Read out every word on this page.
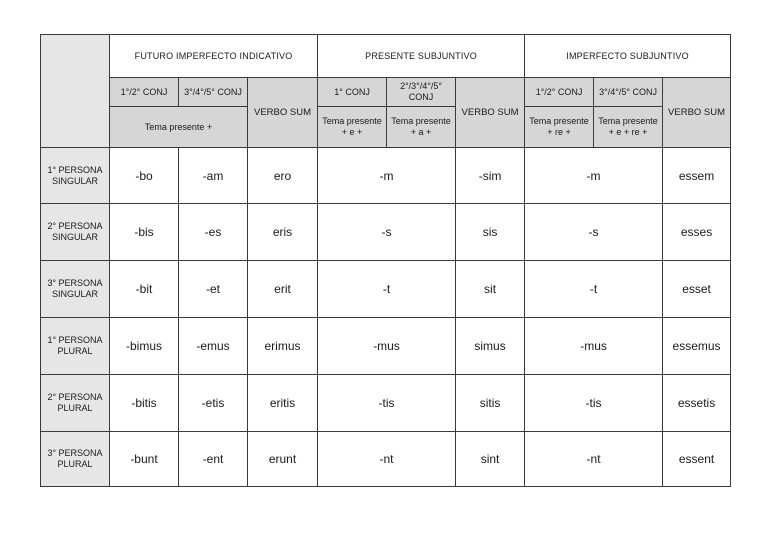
	FUTURO IMPERFECTO INDICATIVO			PRESENTE SUBJUNTIVO			IMPERFECTO SUBJUNTIVO		
	1°/2° CONJ	3°/4°/5° CONJ	VERBO SUM	1° CONJ	2°/3°/4°/5° CONJ	VERBO SUM	1°/2° CONJ	3°/4°/5° CONJ	VERBO SUM
	Tema presente +			Tema presente + e +	Tema presente + a +		Tema presente + re +	Tema presente + e + re +	
1° PERSONA SINGULAR	-bo	-am	ero	-m		-sim	-m		essem
2° PERSONA SINGULAR	-bis	-es	eris	-s		sis	-s		esses
3° PERSONA SINGULAR	-bit	-et	erit	-t		sit	-t		esset
1° PERSONA PLURAL	-bimus	-emus	erimus	-mus		simus	-mus		essemus
2° PERSONA PLURAL	-bitis	-etis	eritis	-tis		sitis	-tis		essetis
3° PERSONA PLURAL	-bunt	-ent	erunt	-nt		sint	-nt		essent
